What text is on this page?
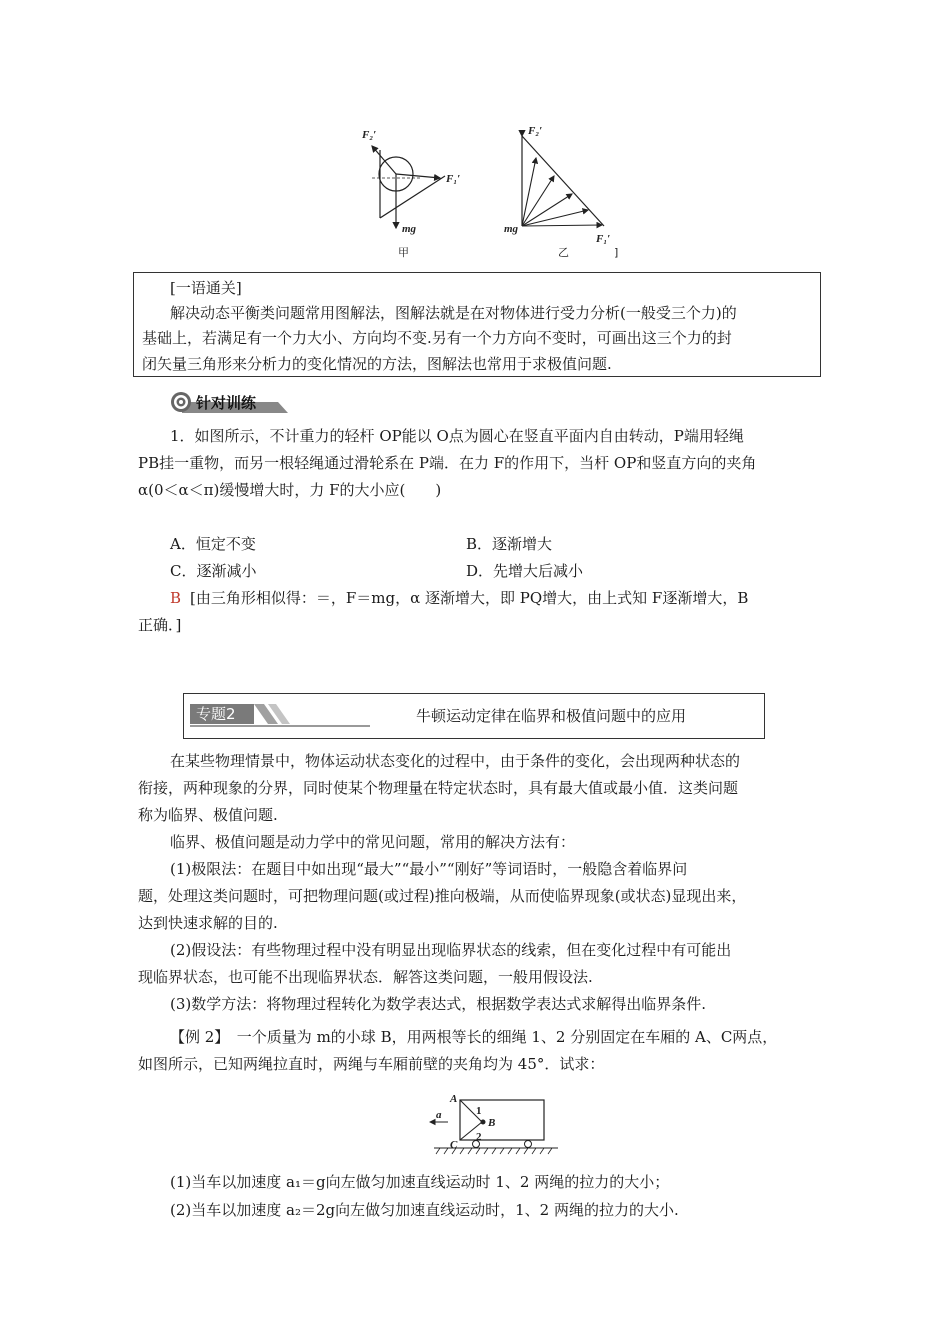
F₂′
F₁′
mg
甲
F₂′
F₁′
mg
乙	]
[一语通关]
解决动态平衡类问题常用图解法，图解法就是在对物体进行受力分析(一般受三个力)的
基础上，若满足有一个力大小、方向均不变.另有一个力方向不变时，可画出这三个力的封
闭矢量三角形来分析力的变化情况的方法，图解法也常用于求极值问题.
针对训练
1．如图所示，不计重力的轻杆 OP能以 O点为圆心在竖直平面内自由转动，P端用轻绳
PB挂一重物，而另一根轻绳通过滑轮系在 P端．在力 F的作用下，当杆 OP和竖直方向的夹角
α(0＜α＜π)缓慢增大时，力 F的大小应(　　)
A．恒定不变	B．逐渐增大
C．逐渐减小	D．先增大后减小
B [由三角形相似得：＝，F＝mg，α 逐渐增大，即 PQ增大，由上式知 F逐渐增大，B
正确．]
专题2	牛顿运动定律在临界和极值问题中的应用
在某些物理情景中，物体运动状态变化的过程中，由于条件的变化，会出现两种状态的
衔接，两种现象的分界，同时使某个物理量在特定状态时，具有最大值或最小值．这类问题
称为临界、极值问题.
临界、极值问题是动力学中的常见问题，常用的解决方法有：
(1)极限法：在题目中如出现“最大”“最小”“刚好”等词语时，一般隐含着临界问
题，处理这类问题时，可把物理问题(或过程)推向极端，从而使临界现象(或状态)显现出来，
达到快速求解的目的.
(2)假设法：有些物理过程中没有明显出现临界状态的线索，但在变化过程中有可能出
现临界状态，也可能不出现临界状态．解答这类问题，一般用假设法.
(3)数学方法：将物理过程转化为数学表达式，根据数学表达式求解得出临界条件.
【例 2】　一个质量为 m的小球 B，用两根等长的细绳 1、2 分别固定在车厢的 A、C两点，
如图所示，已知两绳拉直时，两绳与车厢前壁的夹角均为 45°．试求：
a
A
C
B
1
2
(1)当车以加速度 a₁＝g向左做匀加速直线运动时 1、2 两绳的拉力的大小；
(2)当车以加速度 a₂＝2g向左做匀加速直线运动时，1、2 两绳的拉力的大小.
